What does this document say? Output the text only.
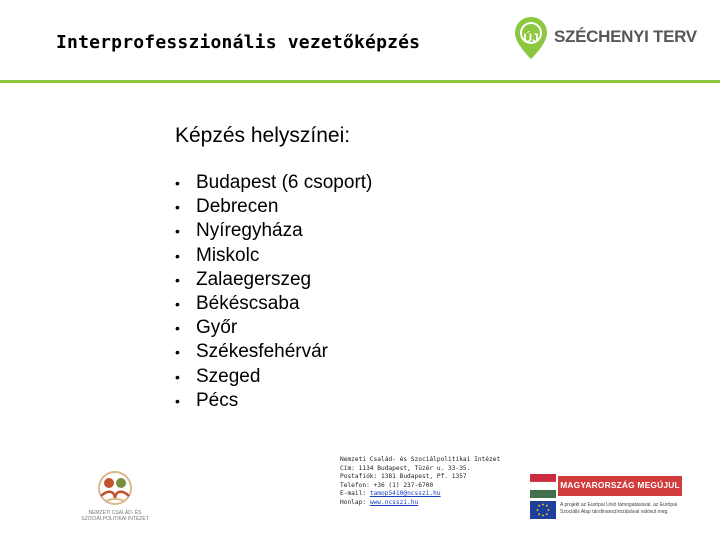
Interprofesszionális vezetőképzés	ÚJ SZÉCHENYI TERV
Képzés helyszínei:
• Budapest (6 csoport)
• Debrecen
• Nyíregyháza
• Miskolc
• Zalaegerszeg
• Békéscsaba
• Győr
• Székesfehérvár
• Szeged
• Pécs
NEMZETI CSALÁD- ÉS
SZOCIÁLPOLITIKAI INTÉZET
Nemzeti Család- és Szociálpolitikai Intézet
Cím: 1134 Budapest, Tüzér u. 33-35.
Postafiók: 1381 Budapest, Pf. 1357
Telefon: +36 (1) 237-6700
E-mail: tamop5410@ncsszi.hu
Honlap: www.ncsszi.hu
MAGYARORSZÁG MEGÚJUL
A projekt az Európai Unió támogatásával, az Európai
Szociális Alap társfinanszírozásával valósul meg.
